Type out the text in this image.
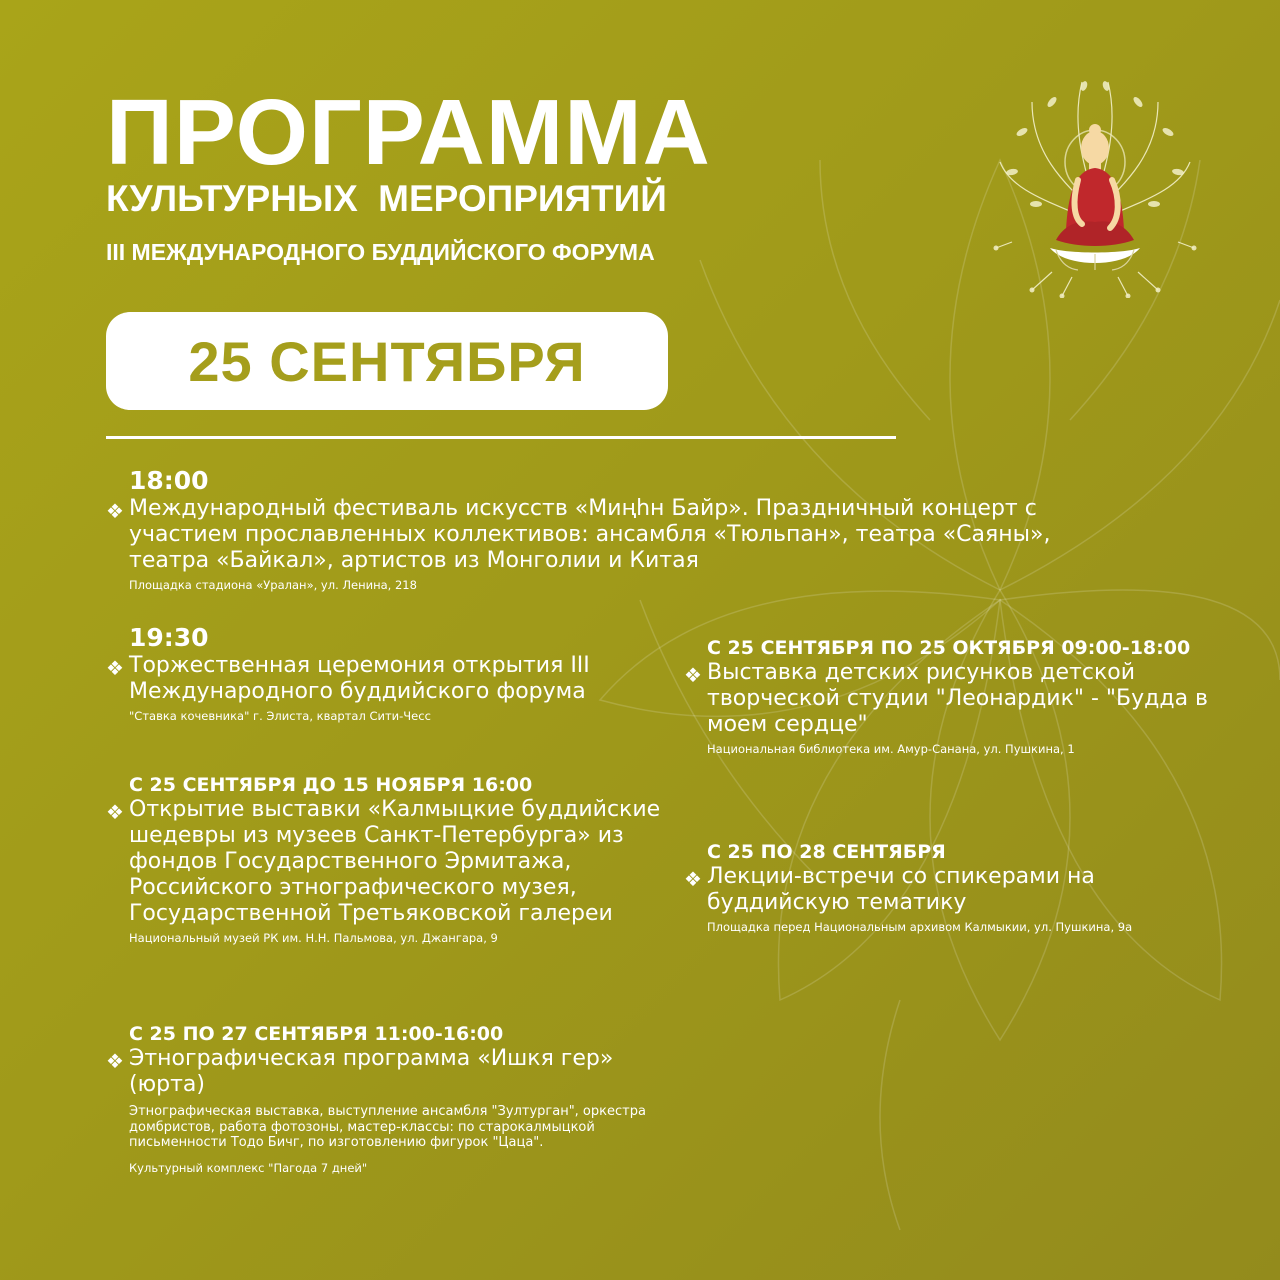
ПРОГРАММА
КУЛЬТУРНЫХ МЕРОПРИЯТИЙ
III МЕЖДУНАРОДНОГО БУДДИЙСКОГО ФОРУМА
25 СЕНТЯБРЯ

18:00

❖ Международный фестиваль искусств «Миңһн Байр». Праздничный концерт с участием прославленных коллективов: ансамбля «Тюльпан», театра «Саяны», театра «Байкал», артистов из Монголии и Китая

Площадка стадиона «Уралан», ул. Ленина, 218

19:30

❖ Торжественная церемония открытия III Международного буддийского форума

"Ставка кочевника" г. Элиста, квартал Сити-Чесс

С 25 СЕНТЯБРЯ ДО 15 НОЯБРЯ 16:00

❖ Открытие выставки «Калмыцкие буддийские шедевры из музеев Санкт-Петербурга» из фондов Государственного Эрмитажа, Российского этнографического музея, Государственной Третьяковской галереи

Национальный музей РК им. Н.Н. Пальмова, ул. Джангара, 9

С 25 ПО 27 СЕНТЯБРЯ 11:00-16:00

❖ Этнографическая программа «Ишкя гер» (юрта)

Этнографическая выставка, выступление ансамбля "Зултурган", оркестра домбристов, работа фотозоны, мастер-классы: по старокалмыцкой письменности Тодо Бичг, по изготовлению фигурок "Цаца".

Культурный комплекс "Пагода 7 дней"

С 25 СЕНТЯБРЯ ПО 25 ОКТЯБРЯ 09:00-18:00

❖ Выставка детских рисунков детской творческой студии "Леонардик" - "Будда в моем сердце"

Национальная библиотека им. Амур-Санана, ул. Пушкина, 1

С 25 ПО 28 СЕНТЯБРЯ

❖ Лекции-встречи со спикерами на буддийскую тематику

Площадка перед Национальным архивом Калмыкии, ул. Пушкина, 9а
